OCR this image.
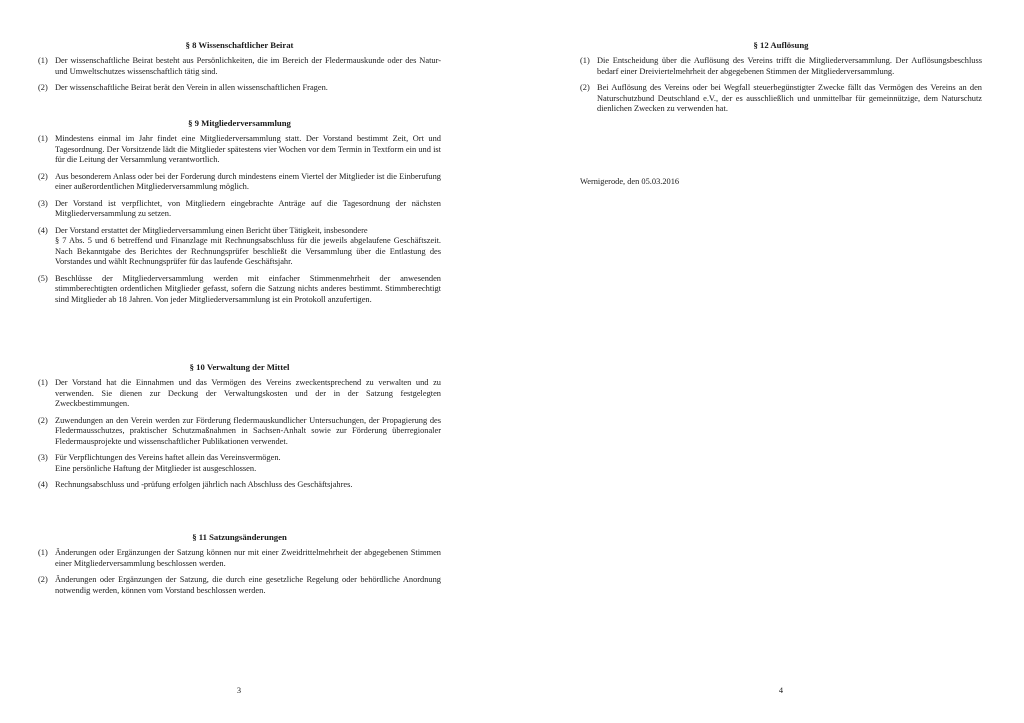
§ 8 Wissenschaftlicher Beirat
(1) Der wissenschaftliche Beirat besteht aus Persönlichkeiten, die im Bereich der Fledermauskunde oder des Natur- und Umweltschutzes wissenschaftlich tätig sind.
(2) Der wissenschaftliche Beirat berät den Verein in allen wissenschaftlichen Fragen.
§ 9 Mitgliederversammlung
(1) Mindestens einmal im Jahr findet eine Mitgliederversammlung statt. Der Vorstand bestimmt Zeit, Ort und Tagesordnung. Der Vorsitzende lädt die Mitglieder spätestens vier Wochen vor dem Termin in Textform ein und ist für die Leitung der Versammlung verantwortlich.
(2) Aus besonderem Anlass oder bei der Forderung durch mindestens einem Viertel der Mitglieder ist die Einberufung einer außerordentlichen Mitgliederversammlung möglich.
(3) Der Vorstand ist verpflichtet, von Mitgliedern eingebrachte Anträge auf die Tagesordnung der nächsten Mitgliederversammlung zu setzen.
(4) Der Vorstand erstattet der Mitgliederversammlung einen Bericht über Tätigkeit, insbesondere
§ 7 Abs. 5 und 6 betreffend und Finanzlage mit Rechnungsabschluss für die jeweils abgelaufene Geschäftszeit. Nach Bekanntgabe des Berichtes der Rechnungsprüfer beschließt die Versammlung über die Entlastung des Vorstandes und wählt Rechnungsprüfer für das laufende Geschäftsjahr.
(5) Beschlüsse der Mitgliederversammlung werden mit einfacher Stimmenmehrheit der anwesenden stimmberechtigten ordentlichen Mitglieder gefasst, sofern die Satzung nichts anderes bestimmt. Stimmberechtigt sind Mitglieder ab 18 Jahren. Von jeder Mitgliederversammlung ist ein Protokoll anzufertigen.
§ 10 Verwaltung der Mittel
(1) Der Vorstand hat die Einnahmen und das Vermögen des Vereins zweckentsprechend zu verwalten und zu verwenden. Sie dienen zur Deckung der Verwaltungskosten und der in der Satzung festgelegten Zweckbestimmungen.
(2) Zuwendungen an den Verein werden zur Förderung fledermauskundlicher Untersuchungen, der Propagierung des Fledermausschutzes, praktischer Schutzmaßnahmen in Sachsen-Anhalt sowie zur Förderung überregionaler Fledermausprojekte und wissenschaftlicher Publikationen verwendet.
(3) Für Verpflichtungen des Vereins haftet allein das Vereinsvermögen.
Eine persönliche Haftung der Mitglieder ist ausgeschlossen.
(4) Rechnungsabschluss und -prüfung erfolgen jährlich nach Abschluss des Geschäftsjahres.
§ 11 Satzungsänderungen
(1) Änderungen oder Ergänzungen der Satzung können nur mit einer Zweidrittelmehrheit der abgegebenen Stimmen einer Mitgliederversammlung beschlossen werden.
(2) Änderungen oder Ergänzungen der Satzung, die durch eine gesetzliche Regelung oder behördliche Anordnung notwendig werden, können vom Vorstand beschlossen werden.
3
§ 12 Auflösung
(1) Die Entscheidung über die Auflösung des Vereins trifft die Mitgliederversammlung. Der Auflösungsbeschluss bedarf einer Dreiviertelmehrheit der abgegebenen Stimmen der Mitgliederversammlung.
(2) Bei Auflösung des Vereins oder bei Wegfall steuerbegünstigter Zwecke fällt das Vermögen des Vereins an den Naturschutzbund Deutschland e.V., der es ausschließlich und unmittelbar für gemeinnützige, dem Naturschutz dienlichen Zwecken zu verwenden hat.
Wernigerode, den 05.03.2016
4
